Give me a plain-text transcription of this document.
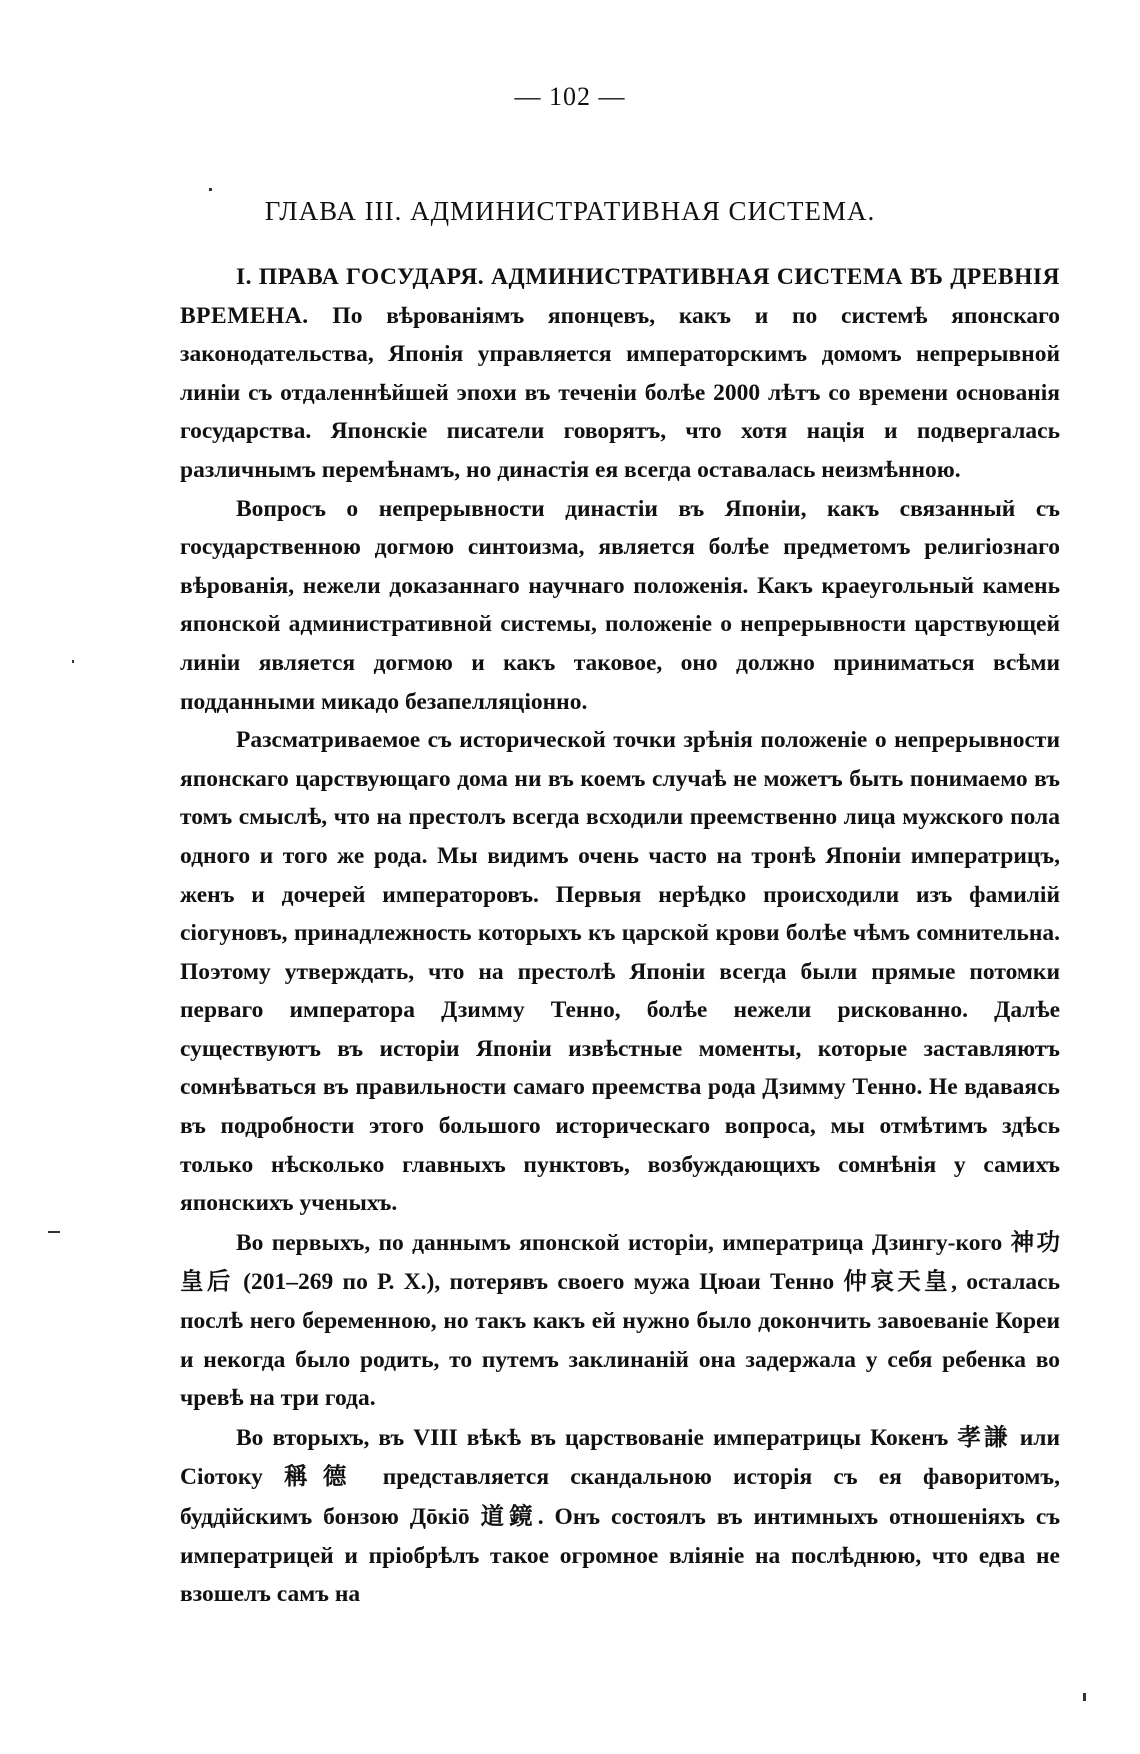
— 102 —
ГЛАВА III. АДМИНИСТРАТИВНАЯ СИСТЕМА.

I. ПРАВА ГОСУДАРЯ. АДМИНИСТРАТИВНАЯ СИСТЕМА ВЪ ДРЕВНІЯ ВРЕМЕНА. По вѣрованіямъ японцевъ, какъ и по системѣ японскаго законодательства, Японія управляется императорскимъ домомъ непрерывной линіи съ отдаленнѣйшей эпохи въ теченіи болѣе 2000 лѣтъ со времени основанія государства. Японскіе писатели говорятъ, что хотя нація и подвергалась различнымъ перемѣнамъ, но династія ея всегда оставалась неизмѣнною.

Вопросъ о непрерывности династіи въ Японіи, какъ связанный съ государственною догмою синтоизма, является болѣе предметомъ религіознаго вѣрованія, нежели доказаннаго научнаго положенія. Какъ краеугольный камень японской административной системы, положеніе о непрерывности царствующей линіи является догмою и какъ таковое, оно должно приниматься всѣми подданными микадо безапелляціонно.

Разсматриваемое съ исторической точки зрѣнія положеніе о непрерывности японскаго царствующаго дома ни въ коемъ случаѣ не можетъ быть понимаемо въ томъ смыслѣ, что на престолъ всегда всходили преемственно лица мужского пола одного и того же рода. Мы видимъ очень часто на тронѣ Японіи императрицъ, женъ и дочерей императоровъ. Первыя нерѣдко происходили изъ фамилій сіогуновъ, принадлежность которыхъ къ царской крови болѣе чѣмъ сомнительна. Поэтому утверждать, что на престолѣ Японіи всегда были прямые потомки перваго императора Дзимму Тенно, болѣе нежели рискованно. Далѣе существуютъ въ исторіи Японіи извѣстные моменты, которые заставляютъ сомнѣваться въ правильности самаго преемства рода Дзимму Тенно. Не вдаваясь въ подробности этого большого историческаго вопроса, мы отмѣтимъ здѣсь только нѣсколько главныхъ пунктовъ, возбуждающихъ сомнѣнія у самихъ японскихъ ученыхъ.

Во первыхъ, по даннымъ японской исторіи, императрица Дзингу-кого 神功皇后 (201–269 по Р. Х.), потерявъ своего мужа Цюаи Тенно 仲哀天皇, осталась послѣ него беременною, но такъ какъ ей нужно было докончить завоеваніе Кореи и некогда было родить, то путемъ заклинаній она задержала у себя ребенка во чревѣ на три года.

Во вторыхъ, въ VIII вѣкѣ въ царствованіе императрицы Кокенъ 孝謙 или Сіотоку 稱德 представляется скандальною исторія съ ея фаворитомъ, буддійскимъ бонзою Дōкiō 道鏡. Онъ состоялъ въ интимныхъ отношеніяхъ съ императрицей и пріобрѣлъ такое огромное вліяніе на послѣднюю, что едва не взошелъ самъ на
